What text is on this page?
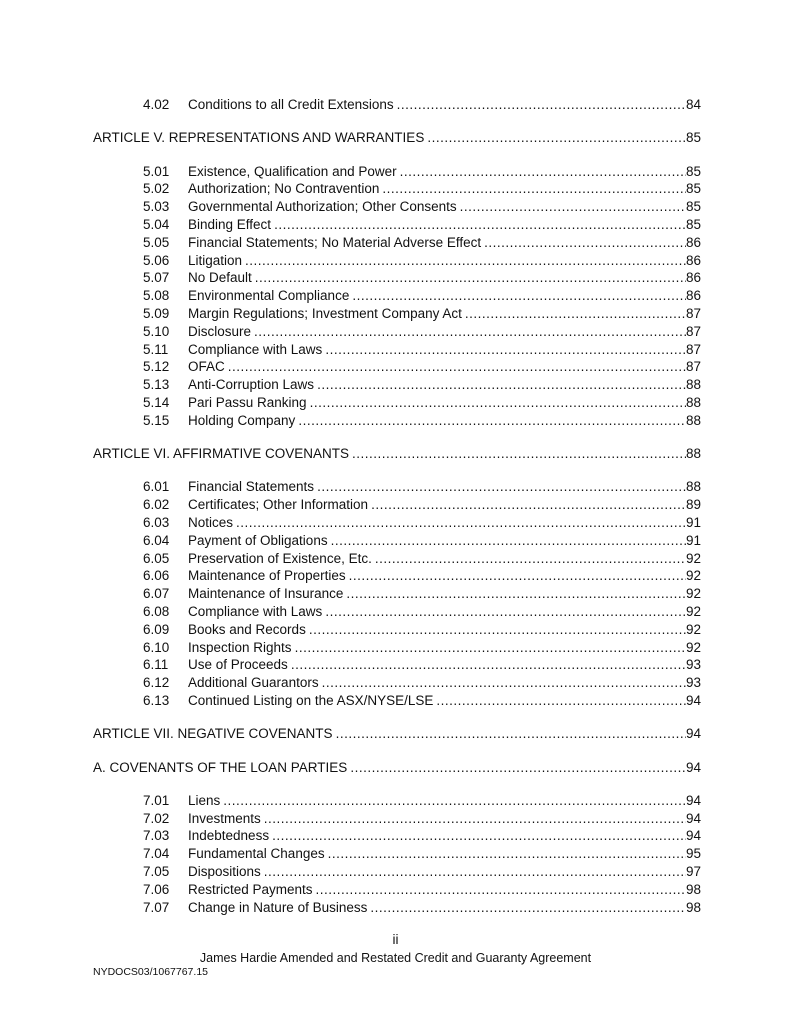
4.02	Conditions to all Credit Extensions .....	84
ARTICLE V. REPRESENTATIONS AND WARRANTIES .....	85
5.01	Existence, Qualification and Power .....	85
5.02	Authorization; No Contravention .....	85
5.03	Governmental Authorization; Other Consents .....	85
5.04	Binding Effect .....	85
5.05	Financial Statements; No Material Adverse Effect .....	86
5.06	Litigation .....	86
5.07	No Default .....	86
5.08	Environmental Compliance .....	86
5.09	Margin Regulations; Investment Company Act .....	87
5.10	Disclosure .....	87
5.11	Compliance with Laws .....	87
5.12	OFAC .....	87
5.13	Anti-Corruption Laws .....	88
5.14	Pari Passu Ranking .....	88
5.15	Holding Company .....	88
ARTICLE VI. AFFIRMATIVE COVENANTS .....	88
6.01	Financial Statements .....	88
6.02	Certificates; Other Information .....	89
6.03	Notices .....	91
6.04	Payment of Obligations .....	91
6.05	Preservation of Existence, Etc. .....	92
6.06	Maintenance of Properties .....	92
6.07	Maintenance of Insurance .....	92
6.08	Compliance with Laws .....	92
6.09	Books and Records .....	92
6.10	Inspection Rights .....	92
6.11	Use of Proceeds .....	93
6.12	Additional Guarantors .....	93
6.13	Continued Listing on the ASX/NYSE/LSE .....	94
ARTICLE VII. NEGATIVE COVENANTS .....	94
A. COVENANTS OF THE LOAN PARTIES .....	94
7.01	Liens .....	94
7.02	Investments .....	94
7.03	Indebtedness .....	94
7.04	Fundamental Changes .....	95
7.05	Dispositions .....	97
7.06	Restricted Payments .....	98
7.07	Change in Nature of Business .....	98
ii
James Hardie Amended and Restated Credit and Guaranty Agreement
NYDOCS03/1067767.15
